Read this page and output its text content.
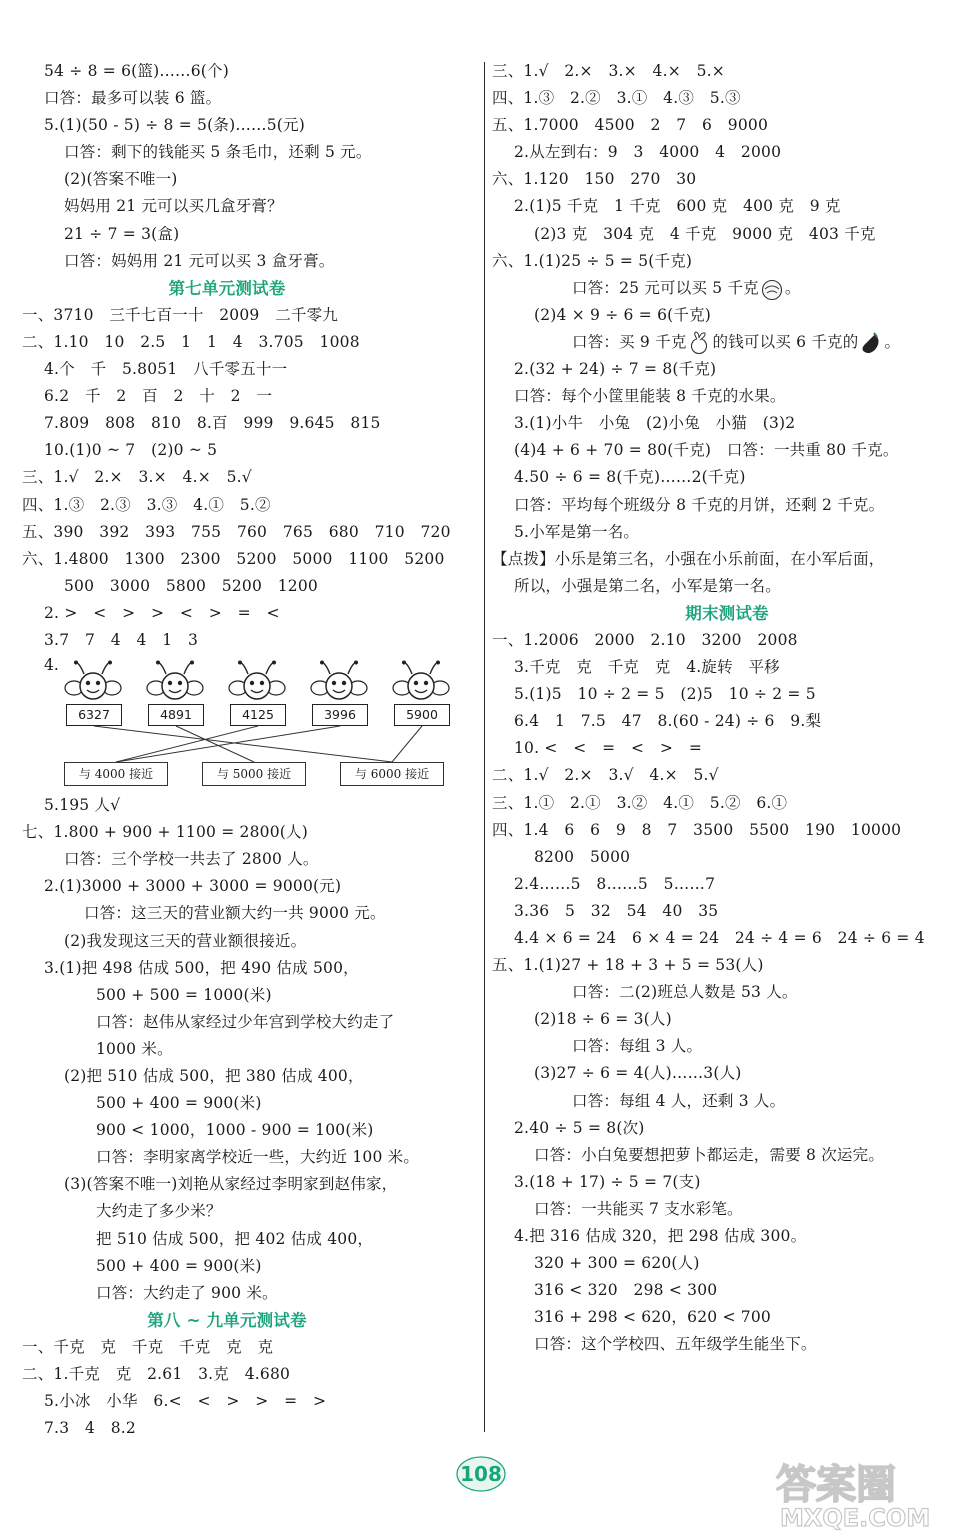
54 ÷ 8 = 6(篮)……6(个)
口答：最多可以装 6 篮。
5.(1)(50 - 5) ÷ 8 = 5(条)……5(元)
口答：剩下的钱能买 5 条毛巾，还剩 5 元。
(2)(答案不唯一)
妈妈用 21 元可以买几盒牙膏？
21 ÷ 7 = 3(盒)
口答：妈妈用 21 元可以买 3 盒牙膏。
第七单元测试卷
一、3710　三千七百一十　2009　二千零九
二、1.10　10　2.5　1　1　4　3.705　1008
4.个　千　5.8051　八千零五十一
6.2　千　2　百　2　十　2　一
7.809　808　810　8.百　999　9.645　815
10.(1)0 ~ 7　(2)0 ~ 5
三、1.√　2.×　3.×　4.×　5.√
四、1.③　2.③　3.③　4.①　5.②
五、390　392　393　755　760　765　680　710　720
六、1.4800　1300　2300　5200　5000　1100　5200
500　3000　5800　5200　1200
2. >　<　>　>　<　>　=　<
3.7　7　4　4　1　3
4.
6327	4891	4125	3996	5900
与 4000 接近	与 5000 接近	与 6000 接近
5.195 人√
七、1.800 + 900 + 1100 = 2800(人)
口答：三个学校一共去了 2800 人。
2.(1)3000 + 3000 + 3000 = 9000(元)
口答：这三天的营业额大约一共 9000 元。
(2)我发现这三天的营业额很接近。
3.(1)把 498 估成 500，把 490 估成 500，
500 + 500 = 1000(米)
口答：赵伟从家经过少年宫到学校大约走了
1000 米。
(2)把 510 估成 500，把 380 估成 400，
500 + 400 = 900(米)
900 < 1000，1000 - 900 = 100(米)
口答：李明家离学校近一些，大约近 100 米。
(3)(答案不唯一)刘艳从家经过李明家到赵伟家，
大约走了多少米？
把 510 估成 500，把 402 估成 400，
500 + 400 = 900(米)
口答：大约走了 900 米。
第八 ~ 九单元测试卷
一、千克　克　千克　千克　克　克
二、1.千克　克　2.61　3.克　4.680
5.小冰　小华　6.<　<　>　>　=　>
7.3　4　8.2
三、1.√　2.×　3.×　4.×　5.×
四、1.③　2.②　3.①　4.③　5.③
五、1.7000　4500　2　7　6　9000
2.从左到右：9　3　4000　4　2000
六、1.120　150　270　30
2.(1)5 千克　1 千克　600 克　400 克　9 克
(2)3 克　304 克　4 千克　9000 克　403 千克
六、1.(1)25 ÷ 5 = 5(千克)
口答：25 元可以买 5 千克 。
(2)4 × 9 ÷ 6 = 6(千克)
口答：买 9 千克 的钱可以买 6 千克的 。
2.(32 + 24) ÷ 7 = 8(千克)
口答：每个小筐里能装 8 千克的水果。
3.(1)小牛　小兔　(2)小兔　小猫　(3)2
(4)4 + 6 + 70 = 80(千克)　口答：一共重 80 千克。
4.50 ÷ 6 = 8(千克)……2(千克)
口答：平均每个班级分 8 千克的月饼，还剩 2 千克。
5.小军是第一名。
【点拨】小乐是第三名，小强在小乐前面，在小军后面，
所以，小强是第二名，小军是第一名。
期末测试卷
一、1.2006　2000　2.10　3200　2008
3.千克　克　千克　克　4.旋转　平移
5.(1)5　10 ÷ 2 = 5　(2)5　10 ÷ 2 = 5
6.4　1　7.5　47　8.(60 - 24) ÷ 6　9.梨
10. <　<　=　<　>　=
二、1.√　2.×　3.√　4.×　5.√
三、1.①　2.①　3.②　4.①　5.②　6.①
四、1.4　6　6　9　8　7　3500　5500　190　10000
8200　5000
2.4……5　8……5　5……7
3.36　5　32　54　40　35
4.4 × 6 = 24　6 × 4 = 24　24 ÷ 4 = 6　24 ÷ 6 = 4
五、1.(1)27 + 18 + 3 + 5 = 53(人)
口答：二(2)班总人数是 53 人。
(2)18 ÷ 6 = 3(人)
口答：每组 3 人。
(3)27 ÷ 6 = 4(人)……3(人)
口答：每组 4 人，还剩 3 人。
2.40 ÷ 5 = 8(次)
口答：小白兔要想把萝卜都运走，需要 8 次运完。
3.(18 + 17) ÷ 5 = 7(支)
口答：一共能买 7 支水彩笔。
4.把 316 估成 320，把 298 估成 300。
320 + 300 = 620(人)
316 < 320　298 < 300
316 + 298 < 620，620 < 700
口答：这个学校四、五年级学生能坐下。
108	答案圈
MXQE.COM
